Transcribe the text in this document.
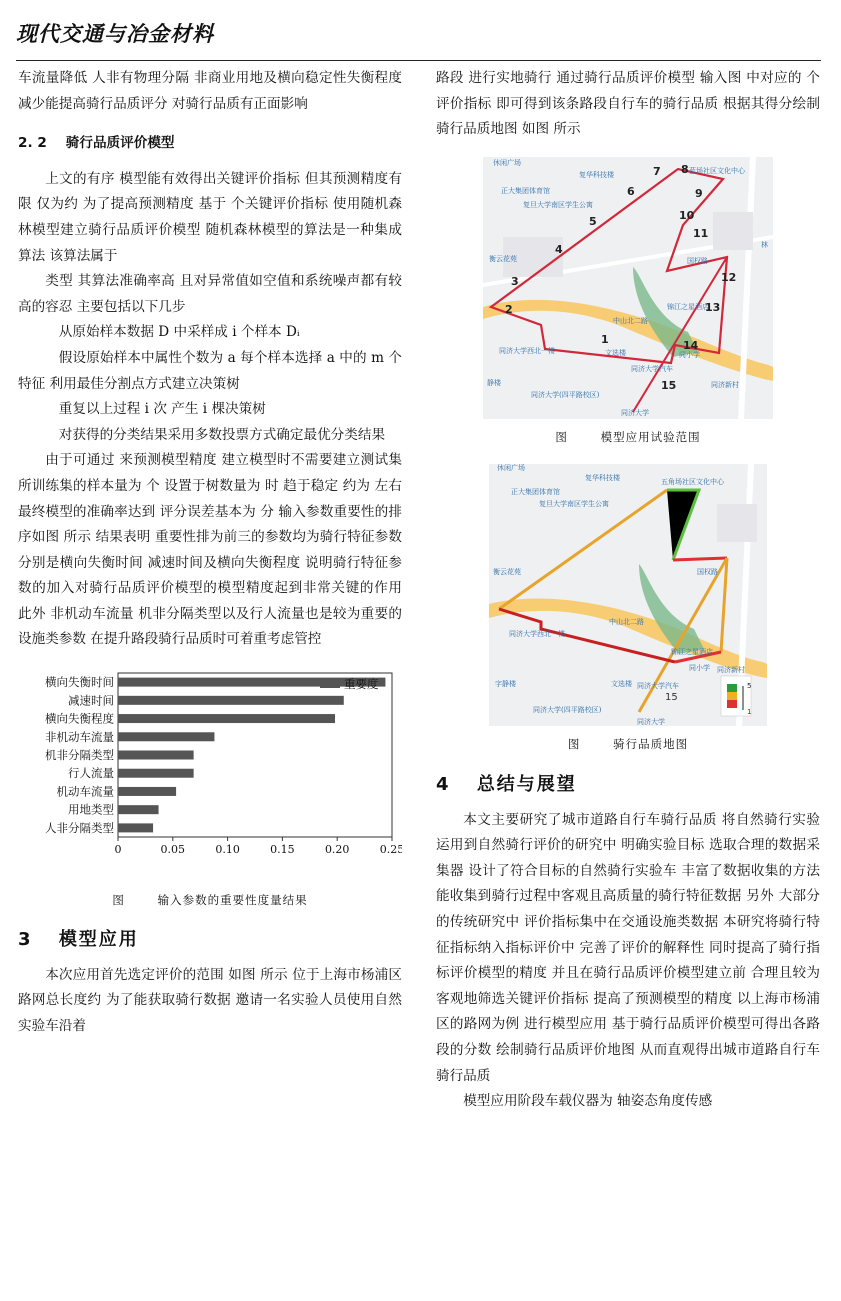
现代交通与冶金材料

车流量降低 人非有物理分隔 非商业用地及横向稳定性失衡程度减少能提高骑行品质评分 对骑行品质有正面影响

2. 2 骑行品质评价模型

上文的有序 模型能有效得出关键评价指标 但其预测精度有限 仅为约 为了提高预测精度 基于 个关键评价指标 使用随机森林模型建立骑行品质评价模型 随机森林模型的算法是一种集成算法 该算法属于

类型 其算法准确率高 且对异常值如空值和系统噪声都有较高的容忍 主要包括以下几步

从原始样本数据 D 中采样成 i 个样本 Dᵢ

假设原始样本中属性个数为 a 每个样本选择 a 中的 m 个特征 利用最佳分割点方式建立决策树

重复以上过程 i 次 产生 i 棵决策树

对获得的分类结果采用多数投票方式确定最优分类结果

由于可通过 来预测模型精度 建立模型时不需要建立测试集 所训练集的样本量为 个 设置于树数量为 时 趋于稳定 约为 左右 最终模型的准确率达到 评分误差基本为 分 输入参数重要性的排序如图 所示 结果表明 重要性排为前三的参数均为骑行特征参数 分别是横向失衡时间 减速时间及横向失衡程度 说明骑行特征参数的加入对骑行品质评价模型的模型精度起到非常关键的作用 此外 非机动车流量 机非分隔类型以及行人流量也是较为重要的设施类参数 在提升路段骑行品质时可着重考虑管控

人非分隔类型
用地类型
机动车流量
行人流量
机非分隔类型
非机动车流量
横向失衡程度
减速时间
横向失衡时间
0	0.05	0.10	0.15	0.20	0.25
重要度
图	输入参数的重要性度量结果
3 模型应用

本次应用首先选定评价的范围 如图 所示 位于上海市杨浦区 路网总长度约 为了能获取骑行数据 邀请一名实验人员使用自然实验车沿着

路段 进行实地骑行 通过骑行品质评价模型 输入图 中对应的 个评价指标 即可得到该条路段自行车的骑行品质 根据其得分绘制骑行品质地图 如图 所示

休闲广场
复华科技楼
正大集团体育馆
复旦大学南区学生公寓
衡云花苑	国权路
同济大学西北一楼
中山北二路
锦江之星酒店
文选楼	同小学
同济大学汽车
同济新村
静楼
同济大学(四平路校区)
同济大学
蓝场社区文化中心
林
1
2
3
4
5
6
7 8
9
10
11
12
13
14
15
图	模型应用试验范围
5
1
15
休闲广场
复华科技楼
正大集团体育馆
复旦大学南区学生公寓
衡云花苑	国权路
中山北二路
同济大学西北一楼
锦江之星酒店
文选楼
同小学
同济大学汽车
同济新村
字静楼
同济大学(四平路校区)
同济大学
五角场社区文化中心
图	骑行品质地图
4 总结与展望

本文主要研究了城市道路自行车骑行品质 将自然骑行实验运用到自然骑行评价的研究中 明确实验目标 选取合理的数据采集器 设计了符合目标的自然骑行实验车 丰富了数据收集的方法 能收集到骑行过程中客观且高质量的骑行特征数据 另外 大部分的传统研究中 评价指标集中在交通设施类数据 本研究将骑行特征指标纳入指标评价中 完善了评价的解释性 同时提高了骑行指标评价模型的精度 并且在骑行品质评价模型建立前 合理且较为客观地筛选关键评价指标 提高了预测模型的精度 以上海市杨浦区的路网为例 进行模型应用 基于骑行品质评价模型可得出各路段的分数 绘制骑行品质评价地图 从而直观得出城市道路自行车骑行品质

模型应用阶段车载仪器为 轴姿态角度传感
